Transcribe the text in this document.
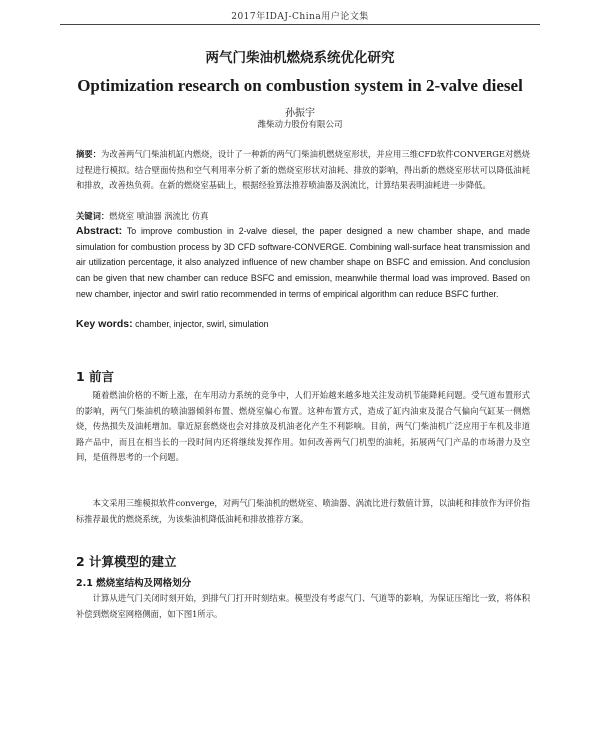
2017年IDAJ-China用户论文集
两气门柴油机燃烧系统优化研究
Optimization research on combustion system in 2-valve diesel
孙振宇
潍柴动力股份有限公司
摘要：为改善两气门柴油机缸内燃烧，设计了一种新的两气门柴油机燃烧室形状，并应用三维CFD软件CONVERGE对燃烧过程进行模拟。结合壁面传热和空气利用率分析了新的燃烧室形状对油耗、排放的影响，得出新的燃烧室形状可以降低油耗和排放，改善热负荷。在新的燃烧室基础上，根据经验算法推荐喷油器及涡流比，计算结果表明油耗进一步降低。
关键词：燃烧室 喷油器 涡流比 仿真
Abstract: To improve combustion in 2-valve diesel, the paper designed a new chamber shape, and made simulation for combustion process by 3D CFD software-CONVERGE. Combining wall-surface heat transmission and air utilization percentage, it also analyzed influence of new chamber shape on BSFC and emission. And conclusion can be given that new chamber can reduce BSFC and emission, meanwhile thermal load was improved. Based on new chamber, injector and swirl ratio recommended in terms of empirical algorithm can reduce BSFC further.
Key words: chamber, injector, swirl, simulation
1 前言
随着燃油价格的不断上涨，在车用动力系统的竞争中，人们开始越来越多地关注发动机节能降耗问题。受气道布置形式的影响，两气门柴油机的喷油器倾斜布置、燃烧室偏心布置。这种布置方式，造成了缸内油束及混合气偏向气缸某一侧燃烧，传热损失及油耗增加。靠近原套燃烧也会对排放及机油老化产生不利影响。目前，两气门柴油机广泛应用于车机及非道路产品中，而且在相当长的一段时间内还将继续发挥作用。如何改善两气门机型的油耗，拓展两气门产品的市场潜力及空间，是值得思考的一个问题。
本文采用三维模拟软件converge，对两气门柴油机的燃烧室、喷油器、涡流比进行数值计算，以油耗和排放作为评价指标推荐最优的燃烧系统，为该柴油机降低油耗和排放推荐方案。
2 计算模型的建立
2.1 燃烧室结构及网格划分
计算从进气门关闭时刻开始，到排气门打开时刻结束。模型没有考虑气门、气道等的影响，为保证压缩比一致，将体积补偿到燃烧室网格侧面，如下图1所示。
